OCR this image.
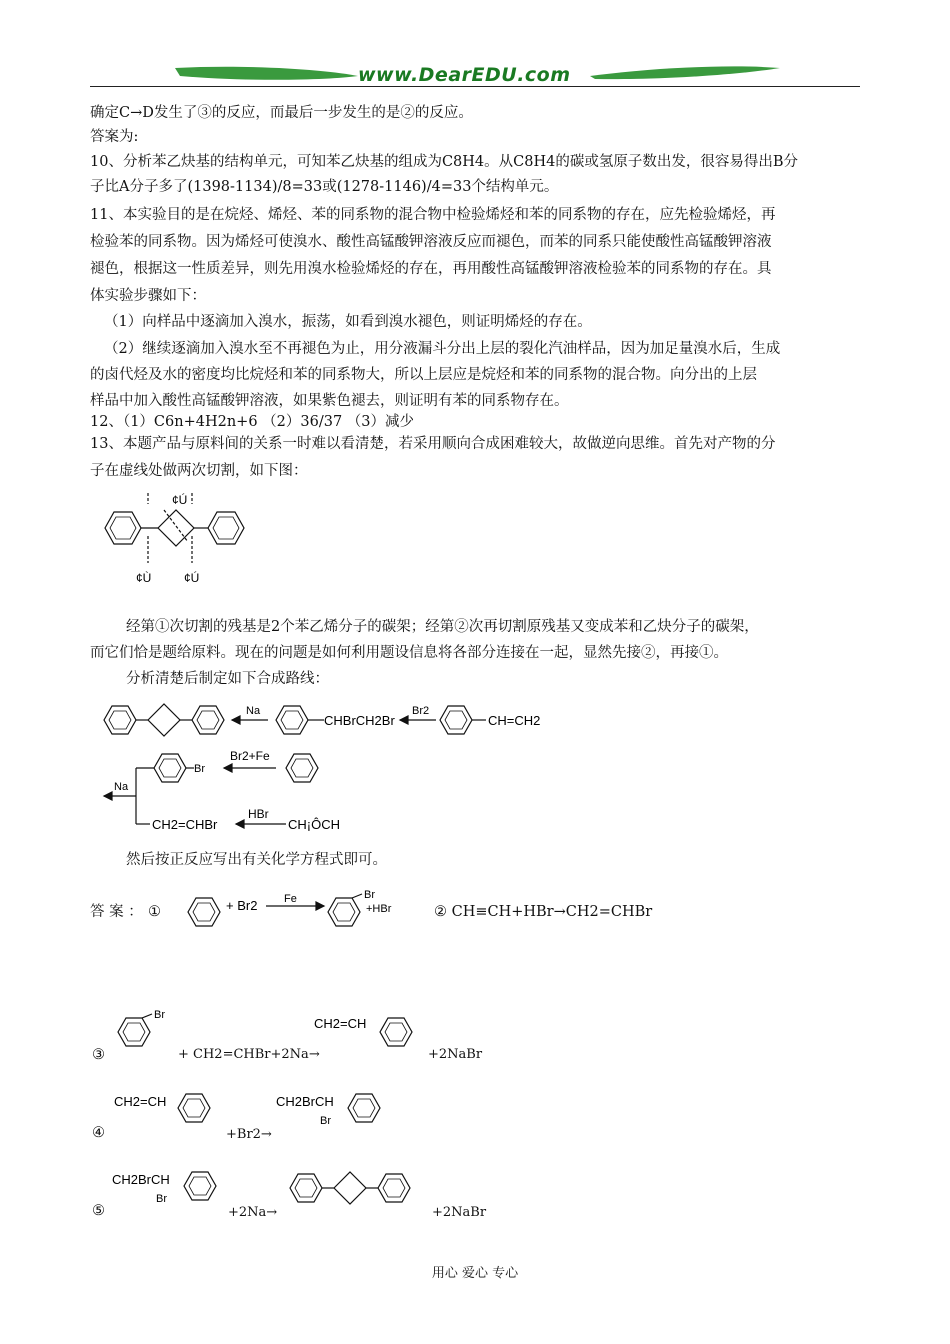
www.DearEDU.com
确定C→D发生了③的反应，而最后一步发生的是②的反应。
答案为:
10、分析苯乙炔基的结构单元，可知苯乙炔基的组成为C8H4。从C8H4的碳或氢原子数出发，很容易得出B分
子比A分子多了(1398-1134)/8=33或(1278-1146)/4=33个结构单元。
11、本实验目的是在烷烃、烯烃、苯的同系物的混合物中检验烯烃和苯的同系物的存在，应先检验烯烃，再
检验苯的同系物。因为烯烃可使溴水、酸性高锰酸钾溶液反应而褪色，而苯的同系只能使酸性高锰酸钾溶液
褪色，根据这一性质差异，则先用溴水检验烯烃的存在，再用酸性高锰酸钾溶液检验苯的同系物的存在。具
体实验步骤如下：
（1）向样品中逐滴加入溴水，振荡，如看到溴水褪色，则证明烯烃的存在。
（2）继续逐滴加入溴水至不再褪色为止，用分液漏斗分出上层的裂化汽油样品，因为加足量溴水后，生成
的卤代烃及水的密度均比烷烃和苯的同系物大，所以上层应是烷烃和苯的同系物的混合物。向分出的上层
样品中加入酸性高锰酸钾溶液，如果紫色褪去，则证明有苯的同系物存在。
12、（1）C6n+4H2n+6 （2）36/37 （3）减少
13、本题产品与原料间的关系一时难以看清楚，若采用顺向合成困难较大，故做逆向思维。首先对产物的分
子在虚线处做两次切割，如下图：
¢Ú
¢Ù	¢Ú
经第①次切割的残基是2个苯乙烯分子的碳架；经第②次再切割原残基又变成苯和乙炔分子的碳架，
而它们恰是题给原料。现在的问题是如何利用题设信息将各部分连接在一起，显然先接②，再接①。
分析清楚后制定如下合成路线：
Na
CHBrCH2Br
Br2
CH=CH2
Br2+Fe
Br
Na
CH2=CHBr
HBr
CH¡ÔCH
然后按正反应写出有关化学方程式即可。
答 案 ： ①	+ Br2 Fe	Br
+HBr	② CH≡CH+HBr→CH2=CHBr
③
Br
+ CH2=CHBr+2Na→
CH2=CH
+2NaBr
④
CH2=CH
+Br2→
CH2BrCH
Br
⑤
CH2BrCH
Br
+2Na→	+2NaBr
用心 爱心 专心
